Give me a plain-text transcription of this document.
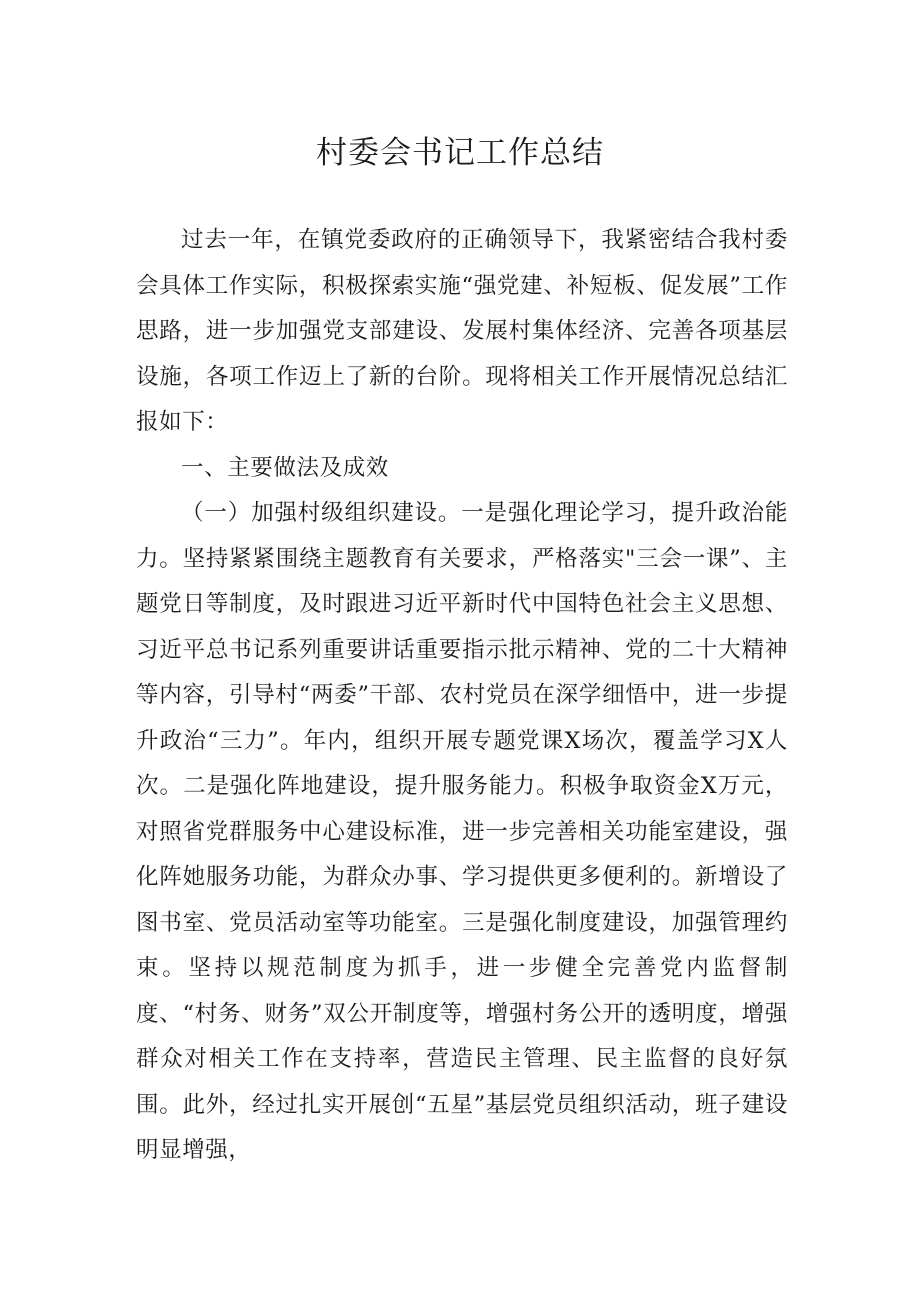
村委会书记工作总结

过去一年，在镇党委政府的正确领导下，我紧密结合我村委会具体工作实际，积极探索实施“强党建、补短板、促发展”工作思路，进一步加强党支部建设、发展村集体经济、完善各项基层设施，各项工作迈上了新的台阶。现将相关工作开展情况总结汇报如下：

一、主要做法及成效

（一）加强村级组织建设。一是强化理论学习，提升政治能力。坚持紧紧围绕主题教育有关要求，严格落实"三会一课”、主题党日等制度，及时跟进习近平新时代中国特色社会主义思想、习近平总书记系列重要讲话重要指示批示精神、党的二十大精神等内容，引导村“两委”干部、农村党员在深学细悟中，进一步提升政治“三力”。年内，组织开展专题党课X场次，覆盖学习X人次。二是强化阵地建设，提升服务能力。积极争取资金X万元，对照省党群服务中心建设标准，进一步完善相关功能室建设，强化阵她服务功能，为群众办事、学习提供更多便利的。新增设了图书室、党员活动室等功能室。三是强化制度建设，加强管理约束。坚持以规范制度为抓手，进一步健全完善党内监督制度、“村务、财务”双公开制度等，增强村务公开的透明度，增强群众对相关工作在支持率，营造民主管理、民主监督的良好氛围。此外，经过扎实开展创“五星”基层党员组织活动，班子建设明显增强，
